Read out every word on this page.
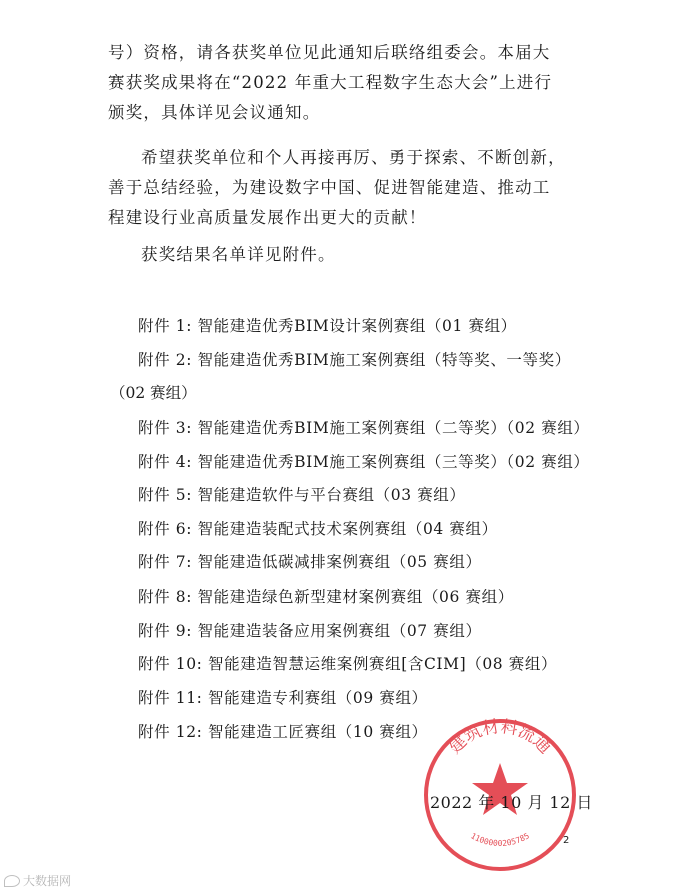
号）资格，请各获奖单位见此通知后联络组委会。本届大赛获奖成果将在“2022 年重大工程数字生态大会”上进行颁奖，具体详见会议通知。

希望获奖单位和个人再接再厉、勇于探索、不断创新，善于总结经验，为建设数字中国、促进智能建造、推动工程建设行业高质量发展作出更大的贡献！

获奖结果名单详见附件。

附件 1: 智能建造优秀BIM设计案例赛组（01 赛组）
附件 2: 智能建造优秀BIM施工案例赛组（特等奖、一等奖）
（02 赛组）
附件 3: 智能建造优秀BIM施工案例赛组（二等奖）（02 赛组）
附件 4: 智能建造优秀BIM施工案例赛组（三等奖）（02 赛组）
附件 5: 智能建造软件与平台赛组（03 赛组）
附件 6: 智能建造装配式技术案例赛组（04 赛组）
附件 7: 智能建造低碳减排案例赛组（05 赛组）
附件 8: 智能建造绿色新型建材案例赛组（06 赛组）
附件 9: 智能建造装备应用案例赛组（07 赛组）
附件 10: 智能建造智慧运维案例赛组[含CIM]（08 赛组）
附件 11: 智能建造专利赛组（09 赛组）
附件 12: 智能建造工匠赛组（10 赛组） 建筑材料流通
1100000205785
2022 年 10 月 12 日
2
大数据网
